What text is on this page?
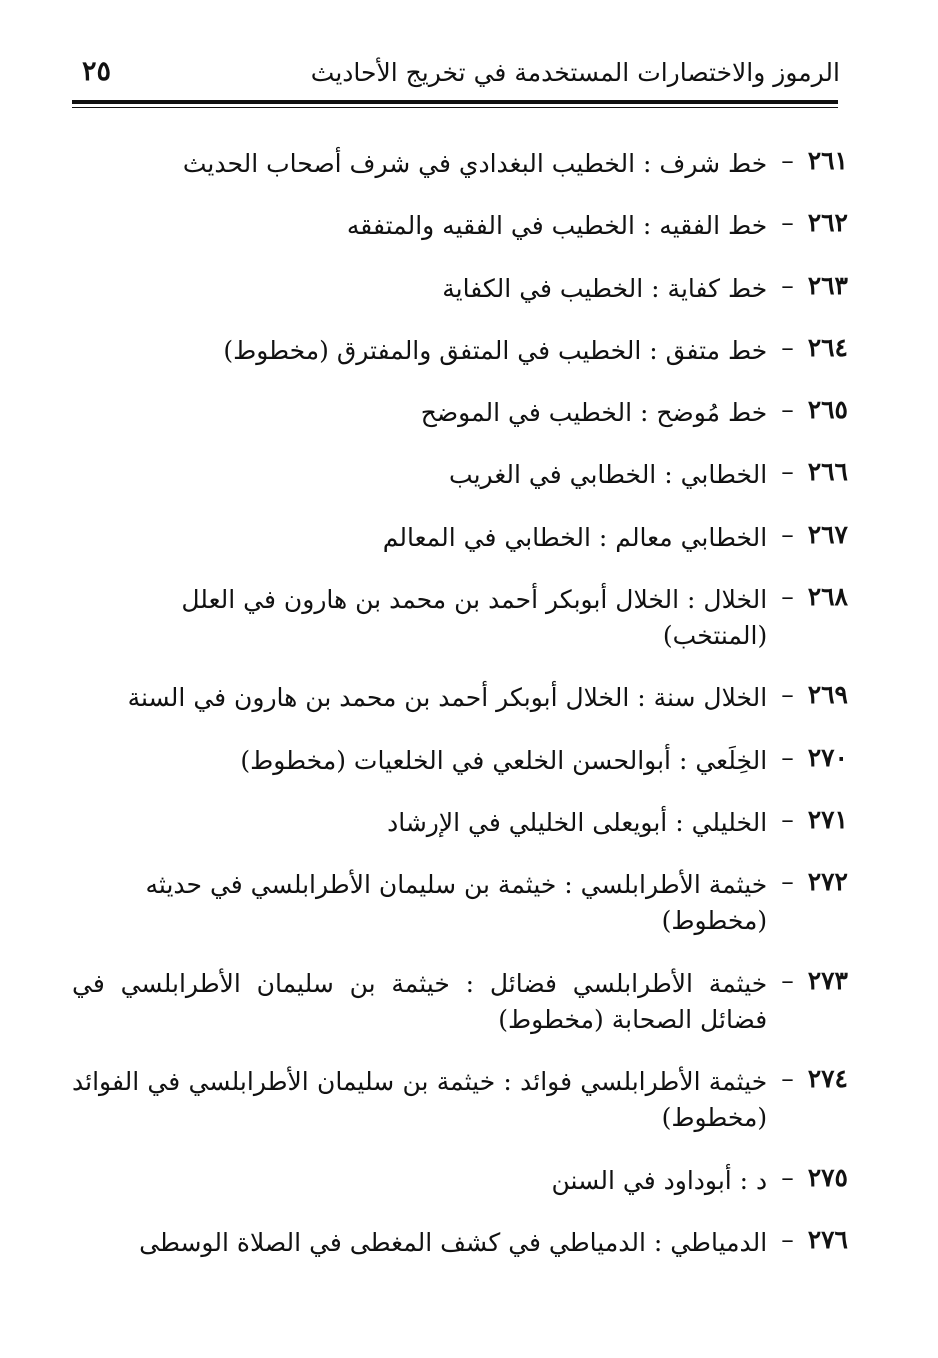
الرموز والاختصارات المستخدمة في تخريج الأحاديث
٢٥
٢٦١
–
خط شرف : الخطيب البغدادي في شرف أصحاب الحديث
٢٦٢
–
خط الفقيه : الخطيب في الفقيه والمتفقه
٢٦٣
–
خط كفاية : الخطيب في الكفاية
٢٦٤
–
خط متفق : الخطيب في المتفق والمفترق (مخطوط)
٢٦٥
–
خط مُوضح : الخطيب في الموضح
٢٦٦
–
الخطابي : الخطابي في الغريب
٢٦٧
–
الخطابي معالم : الخطابي في المعالم
٢٦٨
–
الخلال : الخلال أبوبكر أحمد بن محمد بن هارون في العلل (المنتخب)
٢٦٩
–
الخلال سنة : الخلال أبوبكر أحمد بن محمد بن هارون في السنة
٢٧٠
–
الخِلَعي : أبوالحسن الخلعي في الخلعيات (مخطوط)
٢٧١
–
الخليلي : أبويعلى الخليلي في الإرشاد
٢٧٢
–
خيثمة الأطرابلسي : خيثمة بن سليمان الأطرابلسي في حديثه (مخطوط)
٢٧٣
–
خيثمة الأطرابلسي فضائل : خيثمة بن سليمان الأطرابلسي في فضائل الصحابة (مخطوط)
٢٧٤
–
خيثمة الأطرابلسي فوائد : خيثمة بن سليمان الأطرابلسي في الفوائد (مخطوط)
٢٧٥
–
د : أبوداود في السنن
٢٧٦
–
الدمياطي : الدمياطي في كشف المغطى في الصلاة الوسطى
